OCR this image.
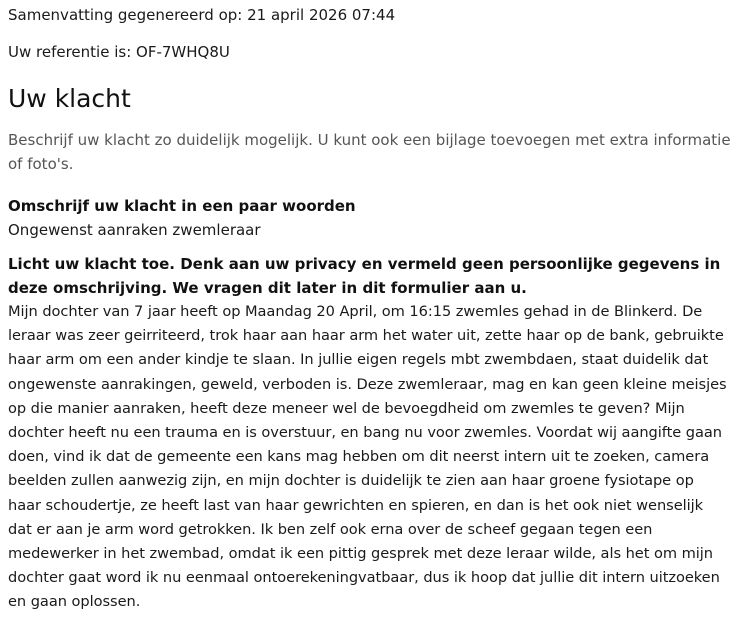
Samenvatting gegenereerd op: 21 april 2026 07:44

Uw referentie is: OF-7WHQ8U

Uw klacht

Beschrijf uw klacht zo duidelijk mogelijk. U kunt ook een bijlage toevoegen met extra informatie of foto's.

Omschrijf uw klacht in een paar woorden

Ongewenst aanraken zwemleraar

Licht uw klacht toe. Denk aan uw privacy en vermeld geen persoonlijke gegevens in deze omschrijving. We vragen dit later in dit formulier aan u.

Mijn dochter van 7 jaar heeft op Maandag 20 April, om 16:15 zwemles gehad in de Blinkerd. De leraar was zeer geirriteerd, trok haar aan haar arm het water uit, zette haar op de bank, gebruikte haar arm om een ander kindje te slaan. In jullie eigen regels mbt zwembdaen, staat duidelik dat ongewenste aanrakingen, geweld, verboden is. Deze zwemleraar, mag en kan geen kleine meisjes op die manier aanraken, heeft deze meneer wel de bevoegdheid om zwemles te geven? Mijn dochter heeft nu een trauma en is overstuur, en bang nu voor zwemles. Voordat wij aangifte gaan doen, vind ik dat de gemeente een kans mag hebben om dit neerst intern uit te zoeken, camera beelden zullen aanwezig zijn, en mijn dochter is duidelijk te zien aan haar groene fysiotape op haar schoudertje, ze heeft last van haar gewrichten en spieren, en dan is het ook niet wenselijk dat er aan je arm word getrokken. Ik ben zelf ook erna over de scheef gegaan tegen een medewerker in het zwembad, omdat ik een pittig gesprek met deze leraar wilde, als het om mijn dochter gaat word ik nu eenmaal ontoerekeningvatbaar, dus ik hoop dat jullie dit intern uitzoeken en gaan oplossen.
